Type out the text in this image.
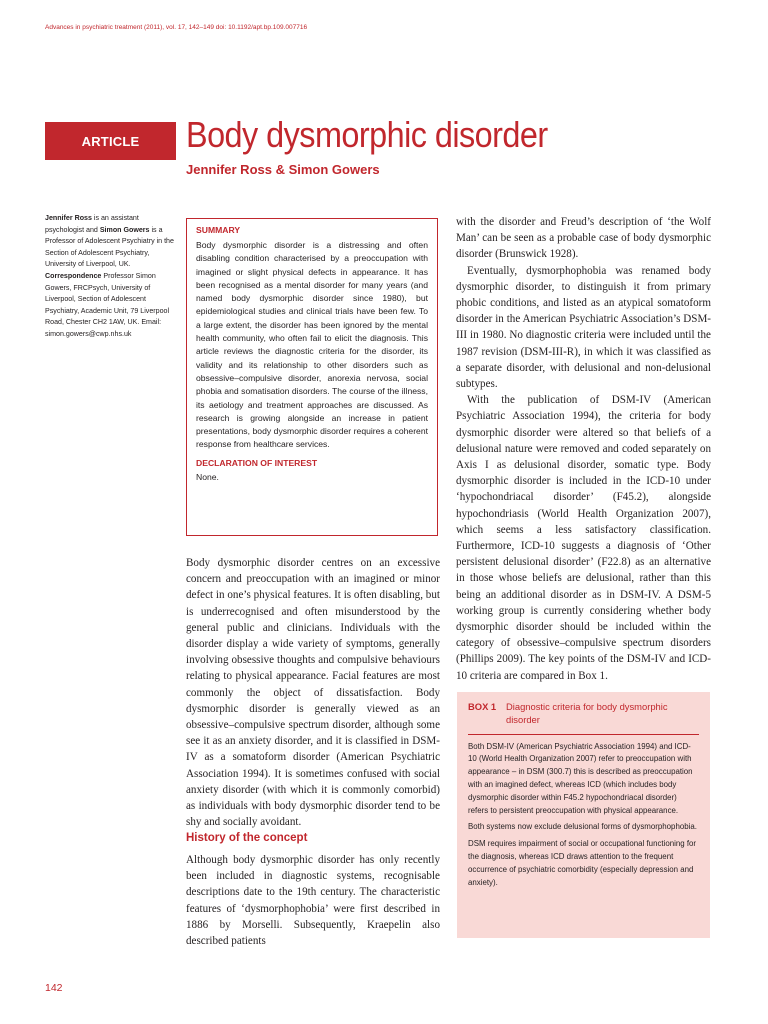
Advances in psychiatric treatment (2011), vol. 17, 142–149 doi: 10.1192/apt.bp.109.007716
ARTICLE	Body dysmorphic disorder
Jennifer Ross & Simon Gowers
Jennifer Ross is an assistant psychologist and Simon Gowers is a Professor of Adolescent Psychiatry in the Section of Adolescent Psychiatry, University of Liverpool, UK. Correspondence Professor Simon Gowers, FRCPsych, University of Liverpool, Section of Adolescent Psychiatry, Academic Unit, 79 Liverpool Road, Chester CH2 1AW, UK. Email: simon.gowers@cwp.nhs.uk
SUMMARY

Body dysmorphic disorder is a distressing and often disabling condition characterised by a preoccupation with imagined or slight physical defects in appearance. It has been recognised as a mental disorder for many years (and named body dysmorphic disorder since 1980), but epidemiological studies and clinical trials have been few. To a large extent, the disorder has been ignored by the mental health community, who often fail to elicit the diagnosis. This article reviews the diagnostic criteria for the disorder, its validity and its relationship to other disorders such as obsessive–compulsive disorder, anorexia nervosa, social phobia and somatisation disorders. The course of the illness, its aetiology and treatment approaches are discussed. As research is growing alongside an increase in patient presentations, body dysmorphic disorder requires a coherent response from healthcare services.

DECLARATION OF INTEREST

None.

Body dysmorphic disorder centres on an excessive concern and preoccupation with an imagined or minor defect in one’s physical features. It is often disabling, but is underrecognised and often misunderstood by the general public and clinicians. Individuals with the disorder display a wide variety of symptoms, generally involving obsessive thoughts and compulsive behaviours relating to physical appearance. Facial features are most commonly the object of dissatisfaction. Body dysmorphic disorder is generally viewed as an obsessive–compulsive spectrum disorder, although some see it as an anxiety disorder, and it is classified in DSM-IV as a somatoform disorder (American Psychiatric Association 1994). It is sometimes confused with social anxiety disorder (with which it is commonly comorbid) as individuals with body dysmorphic disorder tend to be shy and socially avoidant.

History of the concept

Although body dysmorphic disorder has only recently been included in diagnostic systems, recognisable descriptions date to the 19th century. The characteristic features of ‘dysmorphophobia’ were first described in 1886 by Morselli. Subsequently, Kraepelin also described patients

with the disorder and Freud’s description of ‘the Wolf Man’ can be seen as a probable case of body dysmorphic disorder (Brunswick 1928).

Eventually, dysmorphophobia was renamed body dysmorphic disorder, to distinguish it from primary phobic conditions, and listed as an atypical somatoform disorder in the American Psychiatric Association’s DSM-III in 1980. No diagnostic criteria were included until the 1987 revision (DSM-III-R), in which it was classified as a separate disorder, with delusional and non-delusional subtypes.

With the publication of DSM-IV (American Psychiatric Association 1994), the criteria for body dysmorphic disorder were altered so that beliefs of a delusional nature were removed and coded separately on Axis I as delusional disorder, somatic type. Body dysmorphic disorder is included in the ICD-10 under ‘hypochondriacal disorder’ (F45.2), alongside hypochondriasis (World Health Organization 2007), which seems a less satisfactory classification. Furthermore, ICD-10 suggests a diagnosis of ‘Other persistent delusional disorder’ (F22.8) as an alternative in those whose beliefs are delusional, rather than this being an additional disorder as in DSM-IV. A DSM-5 working group is currently considering whether body dysmorphic disorder should be included within the category of obsessive–compulsive spectrum disorders (Phillips 2009). The key points of the DSM-IV and ICD-10 criteria are compared in Box 1.

BOX 1	Diagnostic criteria for body dysmorphic disorder

Both DSM-IV (American Psychiatric Association 1994) and ICD-10 (World Health Organization 2007) refer to preoccupation with appearance – in DSM (300.7) this is described as preoccupation with an imagined defect, whereas ICD (which includes body dysmorphic disorder within F45.2 hypochondriacal disorder) refers to persistent preoccupation with physical appearance.

Both systems now exclude delusional forms of dysmorphophobia.

DSM requires impairment of social or occupational functioning for the diagnosis, whereas ICD draws attention to the frequent occurrence of psychiatric comorbidity (especially depression and anxiety).

142
